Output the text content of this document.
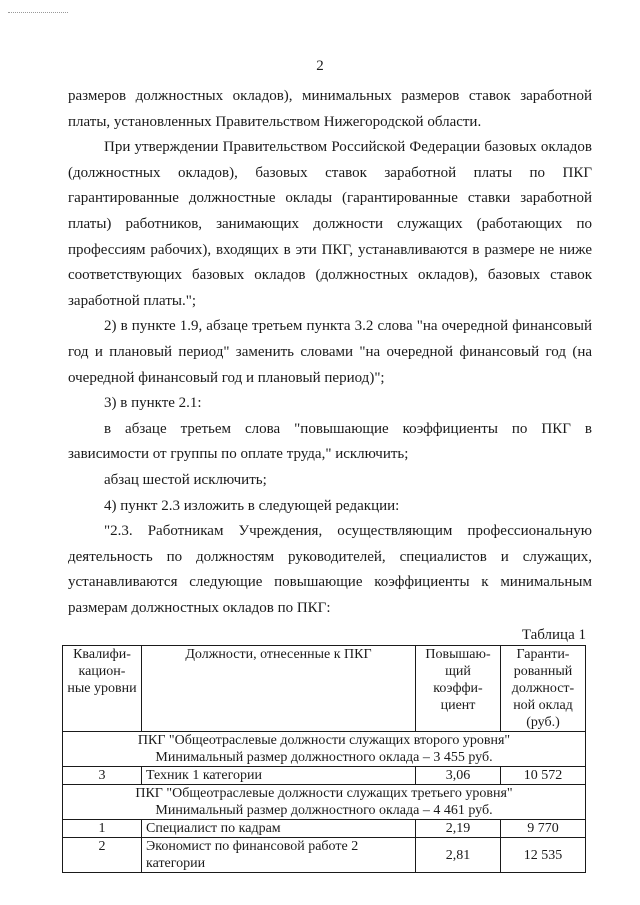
2

размеров должностных окладов), минимальных размеров ставок заработной платы, установленных Правительством Нижегородской области.

При утверждении Правительством Российской Федерации базовых окладов (должностных окладов), базовых ставок заработной платы по ПКГ гарантированные должностные оклады (гарантированные ставки заработной платы) работников, занимающих должности служащих (работающих по профессиям рабочих), входящих в эти ПКГ, устанавливаются в размере не ниже соответствующих базовых окладов (должностных окладов), базовых ставок заработной платы.";

2) в пункте 1.9, абзаце третьем пункта 3.2 слова "на очередной финансовый год и плановый период" заменить словами "на очередной финансовый год (на очередной финансовый год и плановый период)";

3) в пункте 2.1:

в абзаце третьем слова "повышающие коэффициенты по ПКГ в зависимости от группы по оплате труда," исключить;

абзац шестой исключить;

4) пункт 2.3 изложить в следующей редакции:

"2.3. Работникам Учреждения, осуществляющим профессиональную деятельность по должностям руководителей, специалистов и служащих, устанавливаются следующие повышающие коэффициенты к минимальным размерам должностных окладов по ПКГ:

Таблица 1
Квалифи-кацион-ные уровни	Должности, отнесенные к ПКГ	Повышаю-щий коэффи-циент	Гаранти-рованный должност-ной оклад (руб.)

ПКГ "Общеотраслевые должности служащих второго уровня"
Минимальный размер должностного оклада – 3 455 руб.			

3	Техник 1 категории	3,06	10 572

ПКГ "Общеотраслевые должности служащих третьего уровня"
Минимальный размер должностного оклада – 4 461 руб.			

1	Специалист по кадрам	2,19	9 770
2	Экономист по финансовой работе 2 категории	2,81	12 535
